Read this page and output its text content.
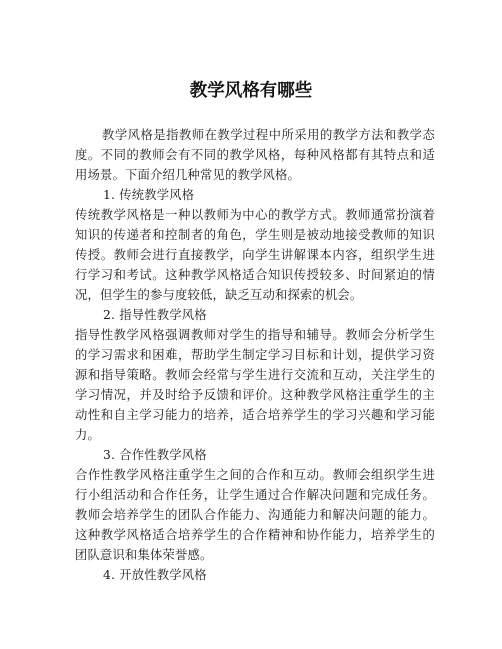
教学风格有哪些

教学风格是指教师在教学过程中所采用的教学方法和教学态度。不同的教师会有不同的教学风格，每种风格都有其特点和适用场景。下面介绍几种常见的教学风格。

1. 传统教学风格

传统教学风格是一种以教师为中心的教学方式。教师通常扮演着知识的传递者和控制者的角色，学生则是被动地接受教师的知识传授。教师会进行直接教学，向学生讲解课本内容，组织学生进行学习和考试。这种教学风格适合知识传授较多、时间紧迫的情况，但学生的参与度较低，缺乏互动和探索的机会。

2. 指导性教学风格

指导性教学风格强调教师对学生的指导和辅导。教师会分析学生的学习需求和困难，帮助学生制定学习目标和计划，提供学习资源和指导策略。教师会经常与学生进行交流和互动，关注学生的学习情况，并及时给予反馈和评价。这种教学风格注重学生的主动性和自主学习能力的培养，适合培养学生的学习兴趣和学习能力。

3. 合作性教学风格

合作性教学风格注重学生之间的合作和互动。教师会组织学生进行小组活动和合作任务，让学生通过合作解决问题和完成任务。教师会培养学生的团队合作能力、沟通能力和解决问题的能力。这种教学风格适合培养学生的合作精神和协作能力，培养学生的团队意识和集体荣誉感。

4. 开放性教学风格
